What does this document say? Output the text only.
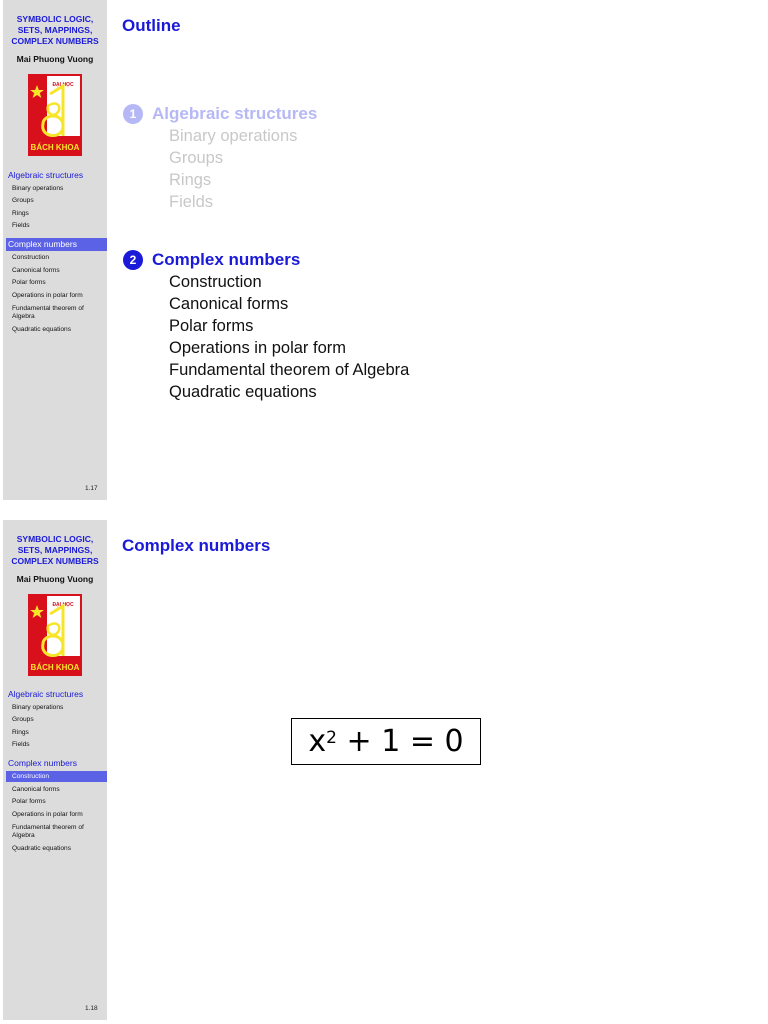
SYMBOLIC LOGIC,
SETS, MAPPINGS,
COMPLEX NUMBERS
Mai Phuong Vuong
ĐẠI HỌC
BÁCH KHOA
Algebraic structures
Binary operations
Groups
Rings
Fields
Complex numbers
Construction
Canonical forms
Polar forms
Operations in polar form
Fundamental theorem of
Algebra
Quadratic equations
1.17
Outline
1 Algebraic structures
Binary operations
Groups
Rings
Fields
2 Complex numbers
Construction
Canonical forms
Polar forms
Operations in polar form
Fundamental theorem of Algebra
Quadratic equations
SYMBOLIC LOGIC,
SETS, MAPPINGS,
COMPLEX NUMBERS
Mai Phuong Vuong
ĐẠI HỌC
BÁCH KHOA
Algebraic structures
Binary operations
Groups
Rings
Fields
Complex numbers
Construction
Canonical forms
Polar forms
Operations in polar form
Fundamental theorem of
Algebra
Quadratic equations
1.18
Complex numbers
$x^2 + 1 = 0$
